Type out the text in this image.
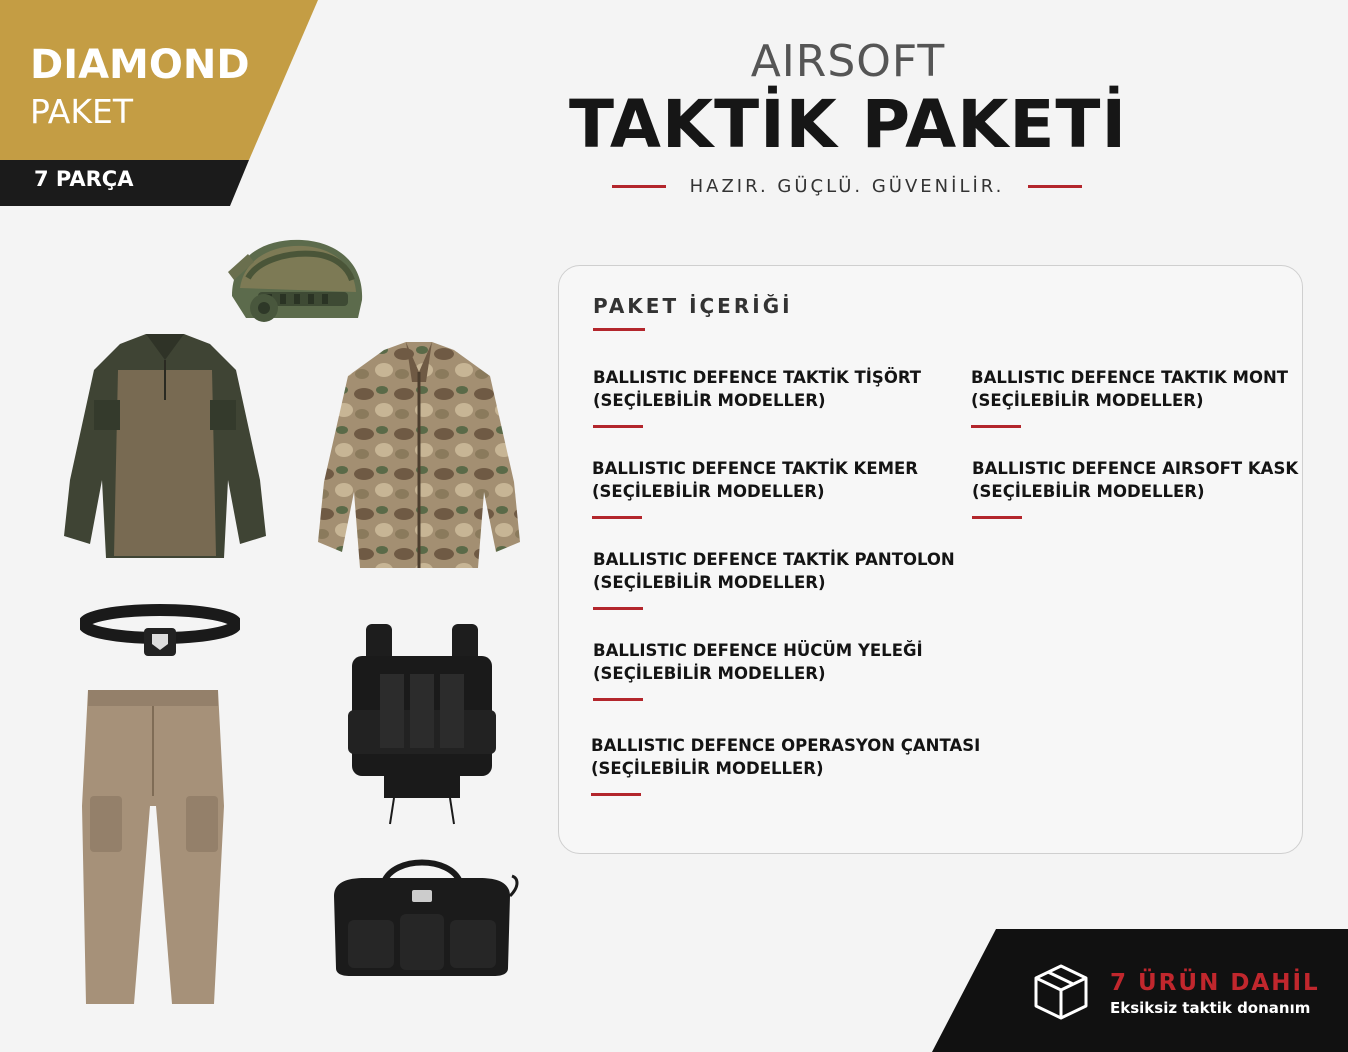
DIAMOND
PAKET
7 PARÇA
AIRSOFT
TAKTİK PAKETİ
HAZIR. GÜÇLÜ. GÜVENİLİR.
PAKET İÇERİĞİ
BALLISTIC DEFENCE TAKTİK TİŞÖRT
(SEÇİLEBİLİR MODELLER)
BALLISTIC DEFENCE TAKTIK MONT
(SEÇİLEBİLİR MODELLER)
BALLISTIC DEFENCE TAKTİK KEMER
(SEÇİLEBİLİR MODELLER)
BALLISTIC DEFENCE AIRSOFT KASK
(SEÇİLEBİLİR MODELLER)
BALLISTIC DEFENCE TAKTİK PANTOLON
(SEÇİLEBİLİR MODELLER)
BALLISTIC DEFENCE HÜCÜM YELEĞİ
(SEÇİLEBİLİR MODELLER)
BALLISTIC DEFENCE OPERASYON ÇANTASI
(SEÇİLEBİLİR MODELLER)
7 ÜRÜN DAHİL
Eksiksiz taktik donanım
